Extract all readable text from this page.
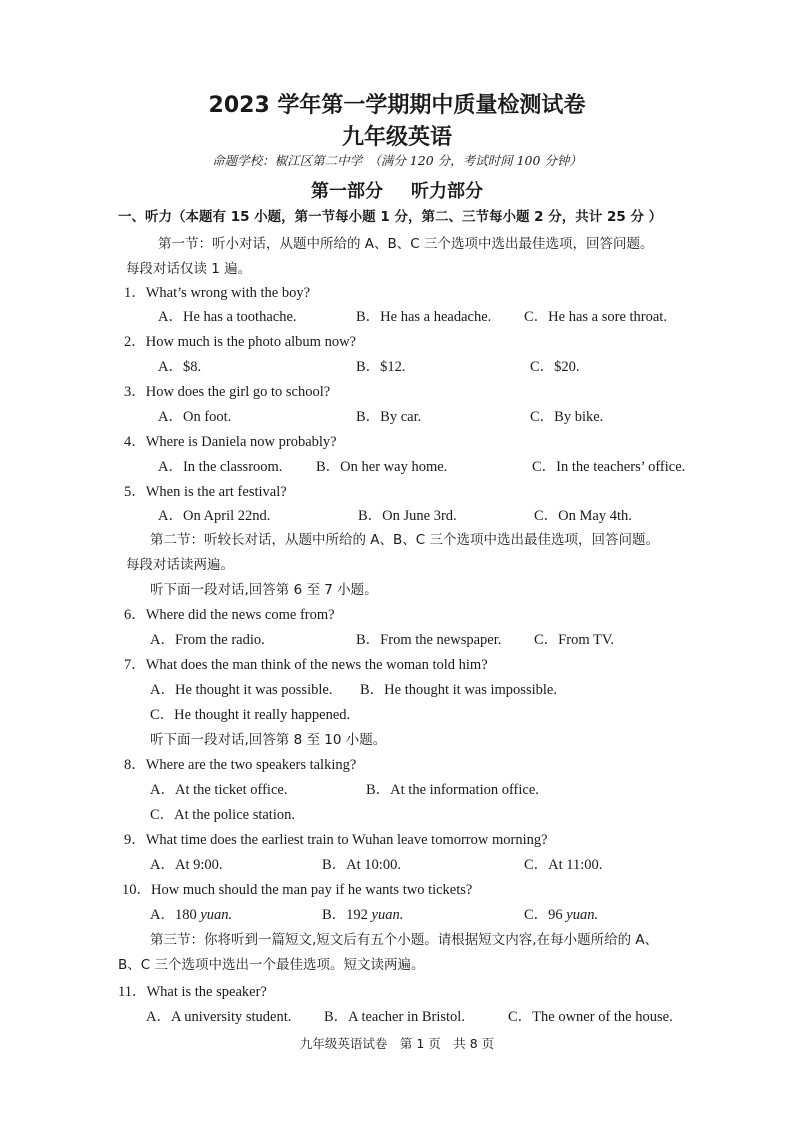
2023 学年第一学期期中质量检测试卷
九年级英语
命题学校：椒江区第二中学　（满分 120 分，考试时间 100 分钟）
第一部分 听力部分
一、听力（本题有 15 小题，第一节每小题 1 分，第二、三节每小题 2 分，共计 25 分 ）
第一节：听小对话，从题中所给的 A、B、C 三个选项中选出最佳选项，回答问题。
每段对话仅读 1 遍。
1．What’s wrong with the boy?
A．He has a toothache.	B．He has a headache. C．He has a sore throat.
2．How much is the photo album now?
A．$8.	B．$12.	C．$20.
3．How does the girl go to school?
A．On foot.	B．By car.	C．By bike.
4．Where is Daniela now probably?
A．In the classroom. B．On her way home.	C．In the teachers’ office.
5．When is the art festival?
A．On April 22nd.	B．On June 3rd.	C．On May 4th.
第二节：听较长对话，从题中所给的 A、B、C 三个选项中选出最佳选项，回答问题。
每段对话读两遍。
听下面一段对话,回答第 6 至 7 小题。
6．Where did the news come from?
A．From the radio.	B．From the newspaper. C．From TV.
7．What does the man think of the news the woman told him?
A．He thought it was possible. B．He thought it was impossible.
C．He thought it really happened.
听下面一段对话,回答第 8 至 10 小题。
8．Where are the two speakers talking?
A．At the ticket office.	B．At the information office.
C．At the police station.
9．What time does the earliest train to Wuhan leave tomorrow morning?
A．At 9:00.	B．At 10:00.	C．At 11:00.
10．How much should the man pay if he wants two tickets?
A．180 yuan.	B．192 yuan.	C．96 yuan.
第三节：你将听到一篇短文,短文后有五个小题。请根据短文内容,在每小题所给的 A、
B、C 三个选项中选出一个最佳选项。短文读两遍。
11．What is the speaker?
A．A university student. B．A teacher in Bristol.	C．The owner of the house.
九年级英语试卷　第 1 页　共 8 页
